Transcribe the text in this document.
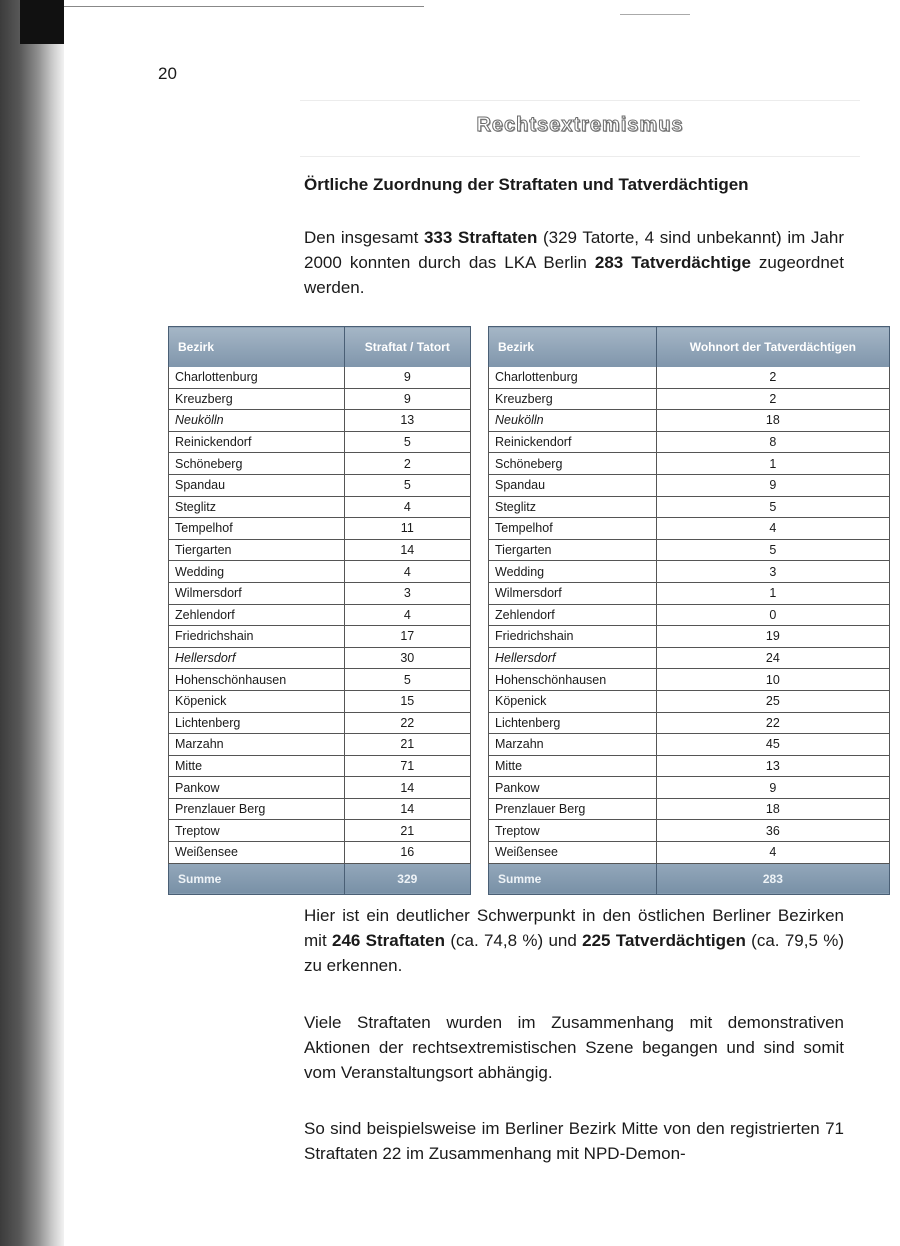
20
Rechtsextremismus
Örtliche Zuordnung der Straftaten und Tatverdächtigen

Den insgesamt 333 Straftaten (329 Tatorte, 4 sind unbekannt) im Jahr 2000 konnten durch das LKA Berlin 283 Tatverdächtige zugeordnet werden.

Bezirk	Straftat / Tatort
Charlottenburg	9
Kreuzberg	9
Neukölln	13
Reinickendorf	5
Schöneberg	2
Spandau	5
Steglitz	4
Tempelhof	11
Tiergarten	14
Wedding	4
Wilmersdorf	3
Zehlendorf	4
Friedrichshain	17
Hellersdorf	30
Hohenschönhausen	5
Köpenick	15
Lichtenberg	22
Marzahn	21
Mitte	71
Pankow	14
Prenzlauer Berg	14
Treptow	21
Weißensee	16
Summe	329
Bezirk	Wohnort der Tatverdächtigen
Charlottenburg	2
Kreuzberg	2
Neukölln	18
Reinickendorf	8
Schöneberg	1
Spandau	9
Steglitz	5
Tempelhof	4
Tiergarten	5
Wedding	3
Wilmersdorf	1
Zehlendorf	0
Friedrichshain	19
Hellersdorf	24
Hohenschönhausen	10
Köpenick	25
Lichtenberg	22
Marzahn	45
Mitte	13
Pankow	9
Prenzlauer Berg	18
Treptow	36
Weißensee	4
Summe	283

Hier ist ein deutlicher Schwerpunkt in den östlichen Berliner Bezirken mit 246 Straftaten (ca. 74,8 %) und 225 Tatverdächtigen (ca. 79,5 %) zu erkennen.

Viele Straftaten wurden im Zusammenhang mit demonstrativen Aktionen der rechtsextremistischen Szene begangen und sind somit vom Veranstaltungsort abhängig.

So sind beispielsweise im Berliner Bezirk Mitte von den registrierten 71 Straftaten 22 im Zusammenhang mit NPD-Demon-
